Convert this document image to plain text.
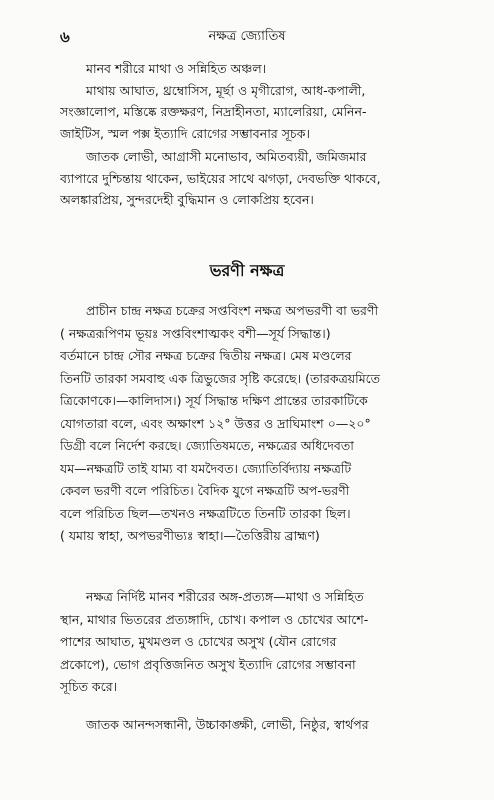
৬	নক্ষত্র জ্যোতিষ
মানব শরীরে মাথা ও সন্নিহিত অঞ্চল।
মাথায় আঘাত, থ্রম্বোসিস, মূর্ছা ও মৃগীরোগ, আধ-কপালী,
সংজ্ঞালোপ, মস্তিষ্কে রক্তক্ষরণ, নিদ্রাহীনতা, ম্যালেরিয়া, মেনিন-
জাইটিস, স্মল পক্স ইত্যাদি রোগের সম্ভাবনার সূচক।
জাতক লোভী, আগ্রাসী মনোভাব, অমিতব্যয়ী, জমিজমার
ব্যাপারে দুশ্চিন্তায় থাকেন, ভাইয়ের সাথে ঝগড়া, দেবভক্তি থাকবে,
অলঙ্কারপ্রিয়, সুন্দরদেহী বুদ্ধিমান ও লোকপ্রিয় হবেন।
ভরণী নক্ষত্র
প্রাচীন চান্দ্র নক্ষত্র চক্রের সপ্তবিংশ নক্ষত্র অপভরণী বা ভরণী
( নক্ষত্ররূপিণম ভূয়ঃ সপ্তবিংশাত্মকং বশী—সূর্য সিদ্ধান্ত।)
বর্তমানে চান্দ্র সৌর নক্ষত্র চক্রের দ্বিতীয় নক্ষত্র। মেষ মণ্ডলের
তিনটি তারকা সমবাহু এক ত্রিভুজের সৃষ্টি করেছে। (তারকত্রয়মিতে
ত্রিকোণকে।—কালিদাস।) সূর্য সিদ্ধান্ত দক্ষিণ প্রান্তের তারকাটিকে
যোগতারা বলে, এবং অক্ষাংশ ১২° উত্তর ও দ্রাঘিমাংশ ০—২০°
ডিগ্রী বলে নির্দেশ করছে। জ্যোতিষমতে, নক্ষত্রের অধিদেবতা
যম—নক্ষত্রটি তাই যাম্য বা যমদৈবত। জ্যোতির্বিদ্যায় নক্ষত্রটি
কেবল ভরণী বলে পরিচিত। বৈদিক যুগে নক্ষত্রটি অপ-ভরণী
বলে পরিচিত ছিল—তখনও নক্ষত্রটিতে তিনটি তারকা ছিল।
( যমায় স্বাহা, অপভরণীভ্যঃ স্বাহা।—তৈত্তিরীয় ব্রাহ্মণ)
নক্ষত্র নির্দিষ্ট মানব শরীরের অঙ্গ-প্রত্যঙ্গ—মাথা ও সন্নিহিত
স্থান, মাথার ভিতরের প্রত্যঙ্গাদি, চোখ। কপাল ও চোখের আশে-
পাশের আঘাত, মুখমণ্ডল ও চোখের অসুখ (যৌন রোগের
প্রকোপে), ভোগ প্রবৃত্তিজনিত অসুখ ইত্যাদি রোগের সম্ভাবনা
সূচিত করে।
জাতক আনন্দসন্ধানী, উচ্চাকাঙ্ক্ষী, লোভী, নিষ্ঠুর, স্বার্থপর
